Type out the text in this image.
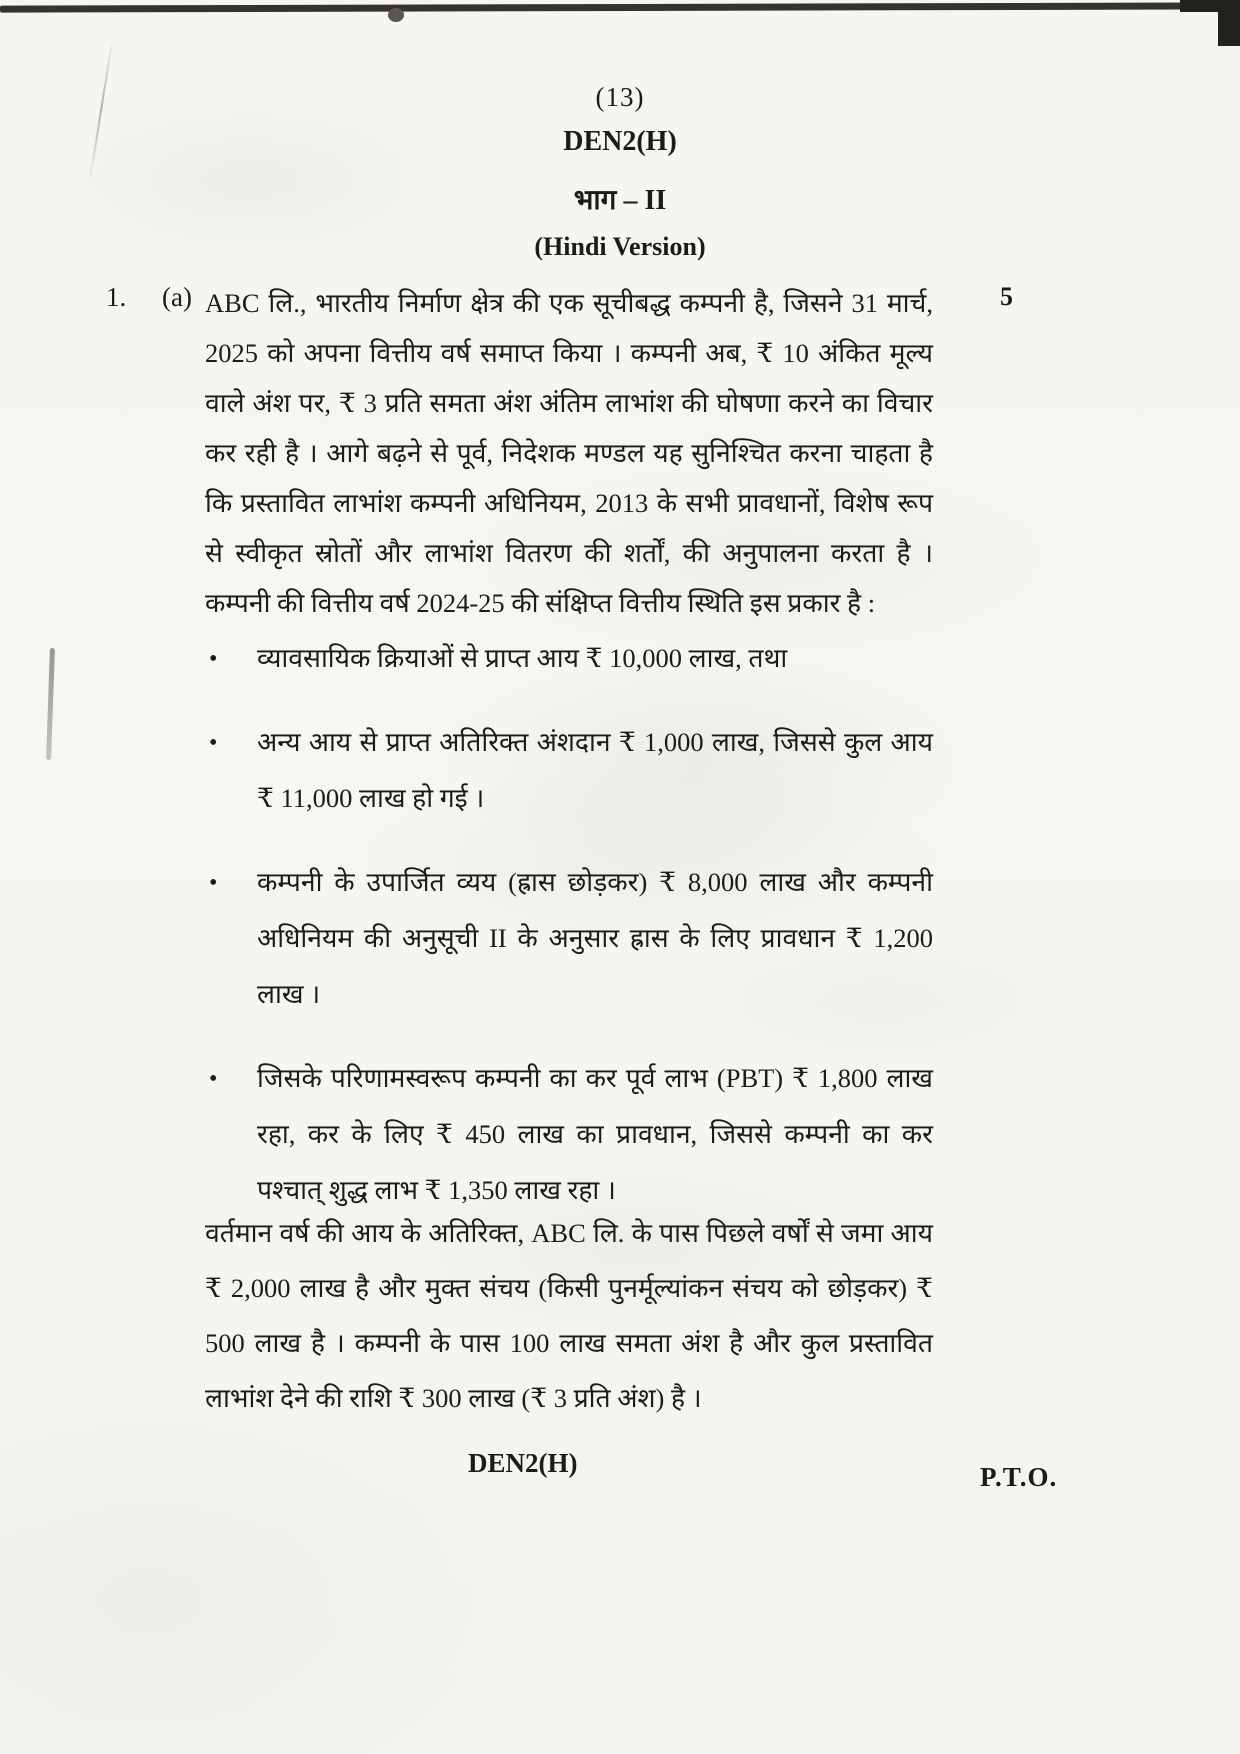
(13)
DEN2(H)
भाग – II
(Hindi Version)
1. (a)	5
ABC लि., भारतीय निर्माण क्षेत्र की एक सूचीबद्ध कम्पनी है, जिसने 31 मार्च, 2025 को अपना वित्तीय वर्ष समाप्त किया । कम्पनी अब, ₹ 10 अंकित मूल्य वाले अंश पर, ₹ 3 प्रति समता अंश अंतिम लाभांश की घोषणा करने का विचार कर रही है । आगे बढ़ने से पूर्व, निदेशक मण्डल यह सुनिश्चित करना चाहता है कि प्रस्तावित लाभांश कम्पनी अधिनियम, 2013 के सभी प्रावधानों, विशेष रूप से स्वीकृत स्रोतों और लाभांश वितरण की शर्तों, की अनुपालना करता है । कम्पनी की वित्तीय वर्ष 2024-25 की संक्षिप्त वित्तीय स्थिति इस प्रकार है :
• व्यावसायिक क्रियाओं से प्राप्त आय ₹ 10,000 लाख, तथा
• अन्य आय से प्राप्त अतिरिक्त अंशदान ₹ 1,000 लाख, जिससे कुल आय ₹ 11,000 लाख हो गई ।
• कम्पनी के उपार्जित व्यय (ह्रास छोड़कर) ₹ 8,000 लाख और कम्पनी अधिनियम की अनुसूची II के अनुसार ह्रास के लिए प्रावधान ₹ 1,200 लाख ।
• जिसके परिणामस्वरूप कम्पनी का कर पूर्व लाभ (PBT) ₹ 1,800 लाख रहा, कर के लिए ₹ 450 लाख का प्रावधान, जिससे कम्पनी का कर पश्चात् शुद्ध लाभ ₹ 1,350 लाख रहा ।
वर्तमान वर्ष की आय के अतिरिक्त, ABC लि. के पास पिछले वर्षों से जमा आय ₹ 2,000 लाख है और मुक्त संचय (किसी पुनर्मूल्यांकन संचय को छोड़कर) ₹ 500 लाख है । कम्पनी के पास 100 लाख समता अंश है और कुल प्रस्तावित लाभांश देने की राशि ₹ 300 लाख (₹ 3 प्रति अंश) है ।
DEN2(H)	P.T.O.
